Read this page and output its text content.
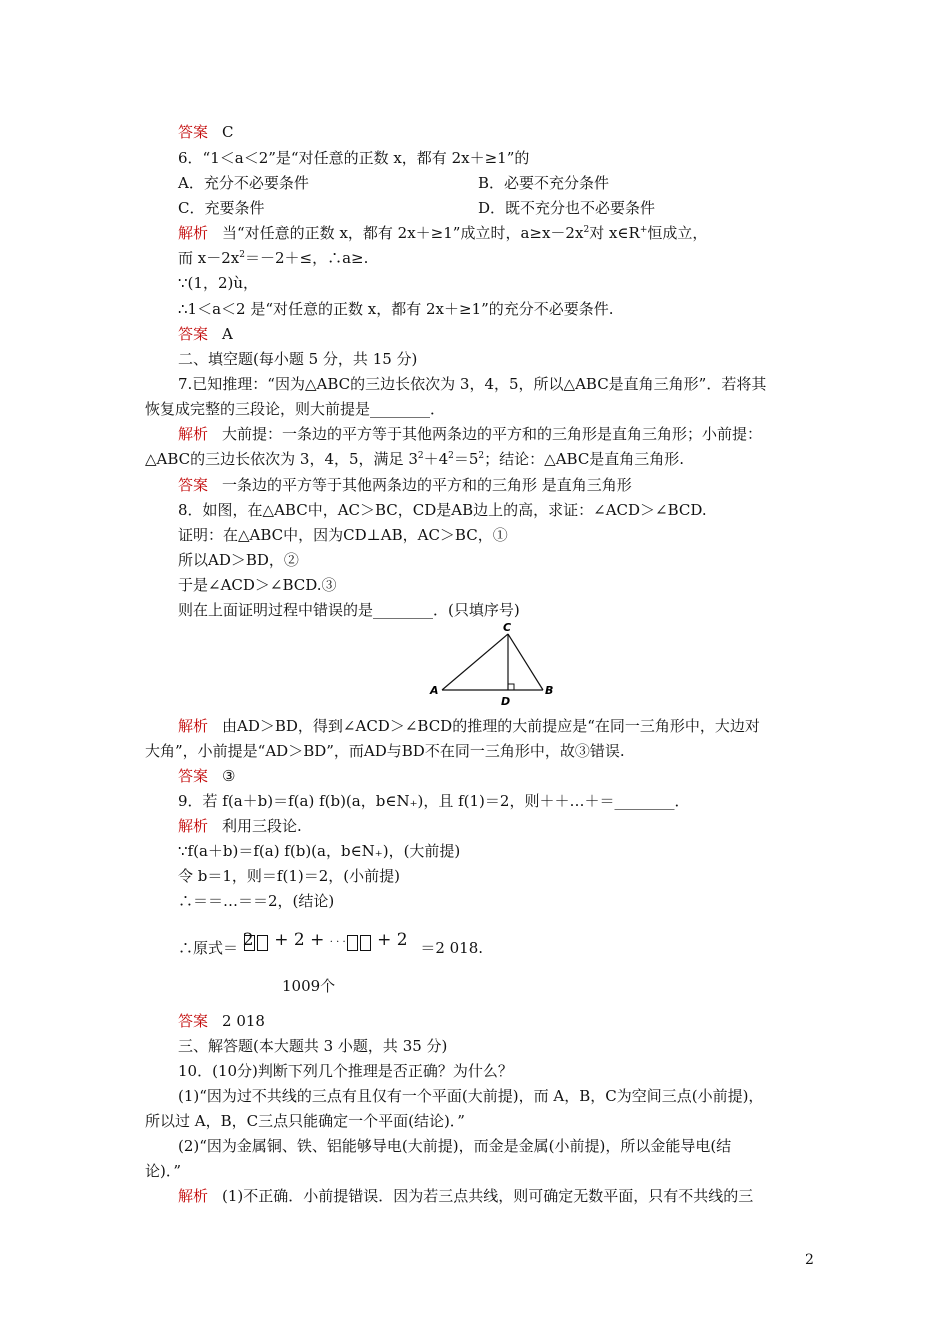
答案 C
6．“1＜a＜2”是“对任意的正数 x，都有 2x＋≥1”的
A．充分不必要条件	B．必要不充分条件
C．充要条件	D．既不充分也不必要条件
解析 当“对任意的正数 x，都有 2x＋≥1”成立时，$a\ge x-2x^2$对 x∈R+恒成立，
而 $x-2x^2=-2+\le$，∴a≥.
∵(1，2)ù，
∴1＜a＜2 是“对任意的正数 x，都有 2x＋≥1”的充分不必要条件.
答案 A
二、填空题(每小题 5 分，共 15 分)
7.已知推理：“因为△ABC的三边长依次为 3，4，5，所以△ABC是直角三角形”．若将其
恢复成完整的三段论，则大前提是________．
解析 大前提：一条边的平方等于其他两条边的平方和的三角形是直角三角形；小前提：
△ABC的三边长依次为 3，4，5，满足 $3^2+4^2=5^2$；结论：△ABC是直角三角形.
答案 一条边的平方等于其他两条边的平方和的三角形 是直角三角形
8．如图，在△ABC中，AC＞BC，CD是AB边上的高，求证：∠ACD＞∠BCD.
证明：在△ABC中，因为CD⊥AB，AC＞BC，①
所以AD＞BD，②
于是∠ACD＞∠BCD.③
则在上面证明过程中错误的是________．(只填序号)
C
A	B
D
解析 由AD＞BD，得到∠ACD＞∠BCD的推理的大前提应是“在同一三角形中，大边对
大角”，小前提是“AD＞BD”，而AD与BD不在同一三角形中，故③错误.
答案 ③
9．若 f(a＋b)＝f(a) f(b)(a，b∈N₊)，且 f(1)＝2，则＋＋…＋＝________．
解析 利用三段论.
∵f(a＋b)＝f(a) f(b)(a，b∈N₊)，(大前提)
令 b＝1，则＝f(1)＝2，(小前提)
∴＝＝…＝＝2，(结论)
∴原式＝ 2 + 2 + · · · + 2 ＝2 018.
1009个
答案 2 018
三、解答题(本大题共 3 小题，共 35 分)
10．(10分)判断下列几个推理是否正确？为什么？
(1)“因为过不共线的三点有且仅有一个平面(大前提)，而 A，B，C为空间三点(小前提)，
所以过 A，B，C三点只能确定一个平面(结论)．”
(2)“因为金属铜、铁、铝能够导电(大前提)，而金是金属(小前提)，所以金能导电(结
论)．”
解析 (1)不正确．小前提错误．因为若三点共线，则可确定无数平面，只有不共线的三
2
